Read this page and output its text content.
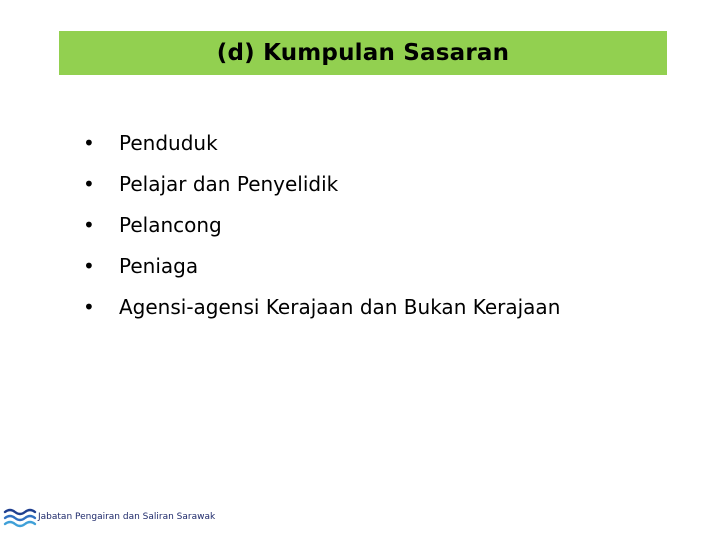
(d) Kumpulan Sasaran
•	Penduduk
•	Pelajar dan Penyelidik
•	Pelancong
•	Peniaga
•	Agensi-agensi Kerajaan dan Bukan Kerajaan
Jabatan Pengairan dan Saliran Sarawak
